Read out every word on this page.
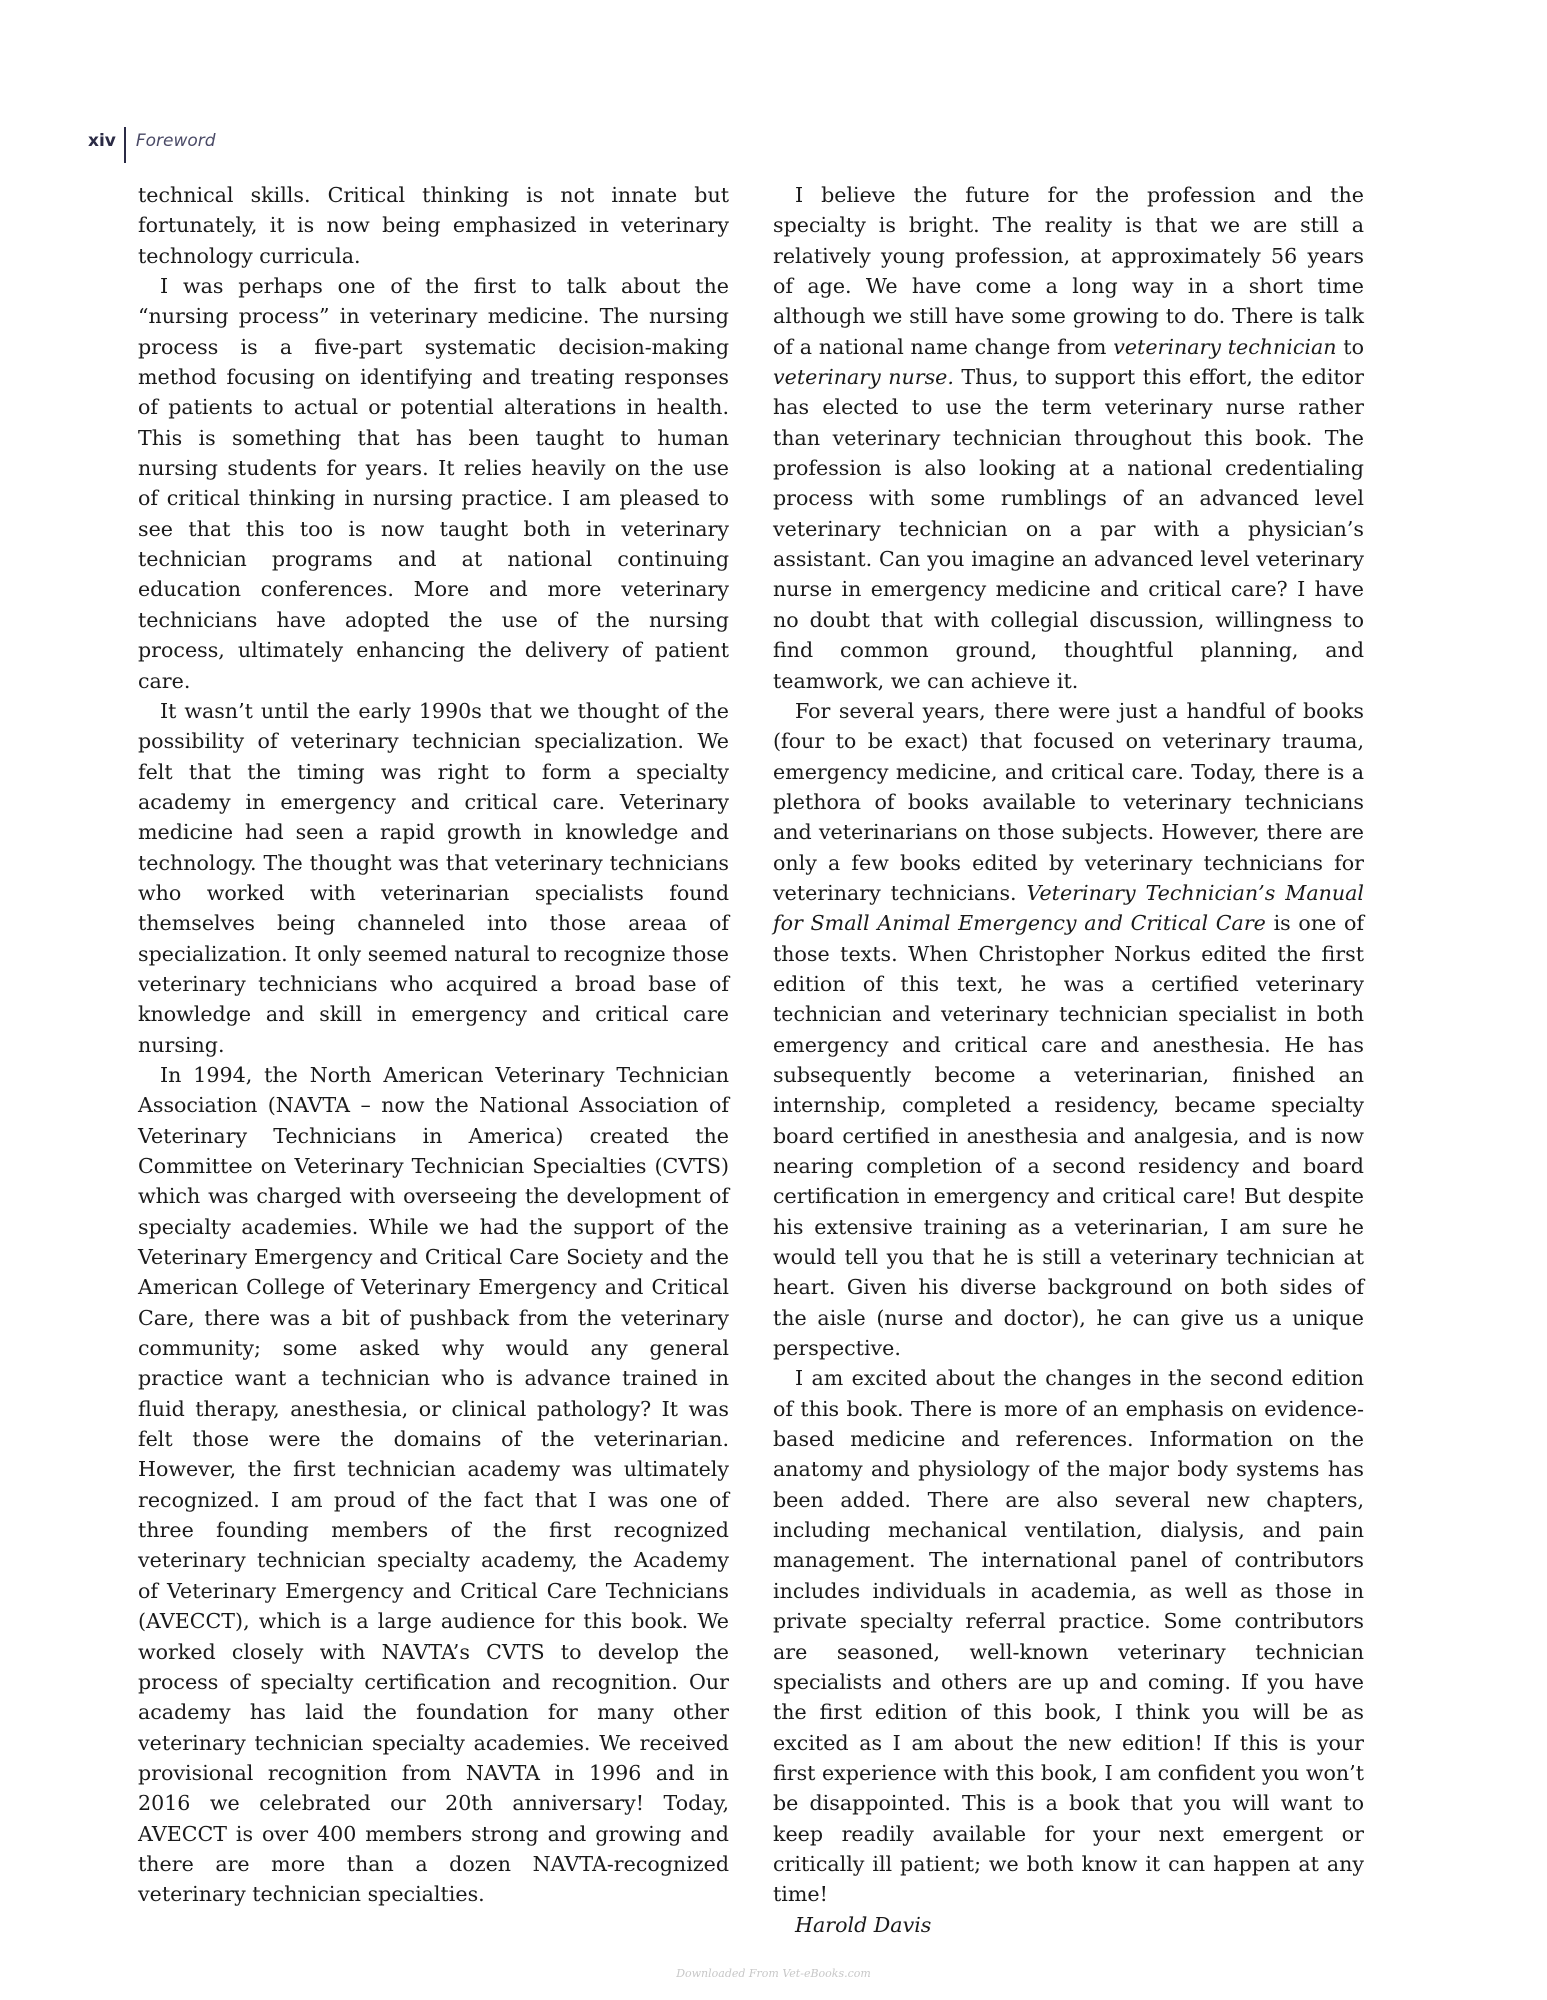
xiv	Foreword

technical skills. Critical thinking is not innate but fortunately, it is now being emphasized in veterinary technology curricula.

I was perhaps one of the first to talk about the “nursing process” in veterinary medicine. The nursing process is a five-part systematic decision-making method focusing on identifying and treating responses of patients to actual or potential alterations in health. This is something that has been taught to human nursing students for years. It relies heavily on the use of critical thinking in nursing practice. I am pleased to see that this too is now taught both in veterinary technician programs and at national continuing education conferences. More and more veterinary technicians have adopted the use of the nursing process, ultimately enhancing the delivery of patient care.

It wasn’t until the early 1990s that we thought of the possibility of veterinary technician specialization. We felt that the timing was right to form a specialty academy in emergency and critical care. Veterinary medicine had seen a rapid growth in knowledge and technology. The thought was that veterinary technicians who worked with veterinarian specialists found themselves being channeled into those areaa of specialization. It only seemed natural to recognize those veterinary technicians who acquired a broad base of knowledge and skill in emergency and critical care nursing.

In 1994, the North American Veterinary Technician Association (NAVTA – now the National Association of Veterinary Technicians in America) created the Committee on Veterinary Technician Specialties (CVTS) which was charged with overseeing the development of specialty academies. While we had the support of the Veterinary Emergency and Critical Care Society and the American College of Veterinary Emergency and Critical Care, there was a bit of pushback from the veterinary community; some asked why would any general practice want a technician who is advance trained in fluid therapy, anesthesia, or clinical pathology? It was felt those were the domains of the veterinarian. However, the first technician academy was ultimately recognized. I am proud of the fact that I was one of three founding members of the first recognized veterinary technician specialty academy, the Academy of Veterinary Emergency and Critical Care Technicians (AVECCT), which is a large audience for this book. We worked closely with NAVTA’s CVTS to develop the process of specialty certification and recognition. Our academy has laid the foundation for many other veterinary technician specialty academies. We received provisional recognition from NAVTA in 1996 and in 2016 we celebrated our 20th anniversary! Today, AVECCT is over 400 members strong and growing and there are more than a dozen NAVTA-recognized veterinary technician specialties.

I believe the future for the profession and the specialty is bright. The reality is that we are still a relatively young profession, at approximately 56 years of age. We have come a long way in a short time although we still have some growing to do. There is talk of a national name change from veterinary technician to veterinary nurse. Thus, to support this effort, the editor has elected to use the term veterinary nurse rather than veterinary technician throughout this book. The profession is also looking at a national credentialing process with some rumblings of an advanced level veterinary technician on a par with a physician’s assistant. Can you imagine an advanced level veterinary nurse in emergency medicine and critical care? I have no doubt that with collegial discussion, willingness to find common ground, thoughtful planning, and teamwork, we can achieve it.

For several years, there were just a handful of books (four to be exact) that focused on veterinary trauma, emergency medicine, and critical care. Today, there is a plethora of books available to veterinary technicians and veterinarians on those subjects. However, there are only a few books edited by veterinary technicians for veterinary technicians. Veterinary Technician’s Manual for Small Animal Emergency and Critical Care is one of those texts. When Christopher Norkus edited the first edition of this text, he was a certified veterinary technician and veterinary technician specialist in both emergency and critical care and anesthesia. He has subsequently become a veterinarian, finished an internship, completed a residency, became specialty board certified in anesthesia and analgesia, and is now nearing completion of a second residency and board certification in emergency and critical care! But despite his extensive training as a veterinarian, I am sure he would tell you that he is still a veterinary technician at heart. Given his diverse background on both sides of the aisle (nurse and doctor), he can give us a unique perspective.

I am excited about the changes in the second edition of this book. There is more of an emphasis on evidence-based medicine and references. Information on the anatomy and physiology of the major body systems has been added. There are also several new chapters, including mechanical ventilation, dialysis, and pain management. The international panel of contributors includes individuals in academia, as well as those in private specialty referral practice. Some contributors are seasoned, well-known veterinary technician specialists and others are up and coming. If you have the first edition of this book, I think you will be as excited as I am about the new edition! If this is your first experience with this book, I am confident you won’t be disappointed. This is a book that you will want to keep readily available for your next emergent or critically ill patient; we both know it can happen at any time!

Harold Davis

Downloaded From Vet-eBooks.com
